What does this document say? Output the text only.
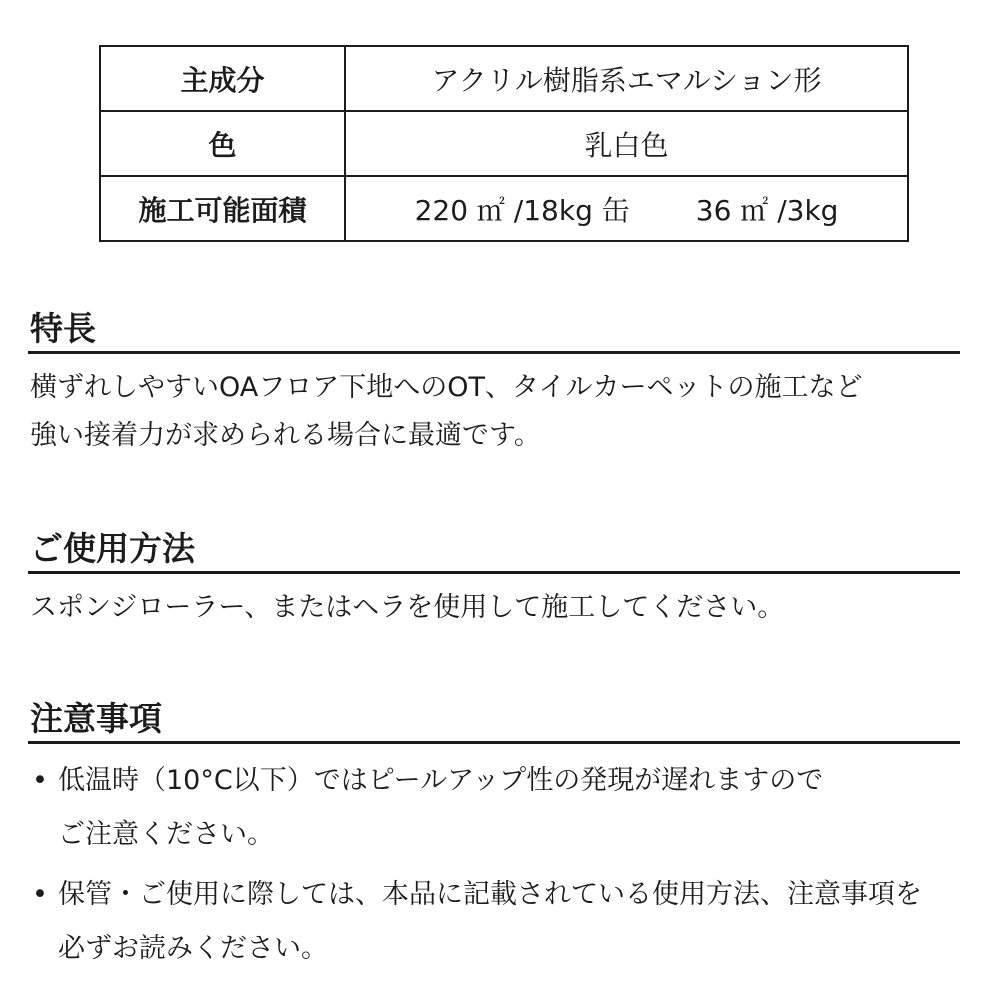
主成分	アクリル樹脂系エマルション形
色	乳白色
施工可能面積	220 ㎡ /18kg 缶 36 ㎡ /3kg
特長

横ずれしやすいOAフロア下地へのOT、タイルカーペットの施工など
強い接着力が求められる場合に最適です。

ご使用方法

スポンジローラー、またはヘラを使用して施工してください。

注意事項
• 低温時（10°C以下）ではピールアップ性の発現が遅れますので
ご注意ください。
• 保管・ご使用に際しては、本品に記載されている使用方法、注意事項を
必ずお読みください。
